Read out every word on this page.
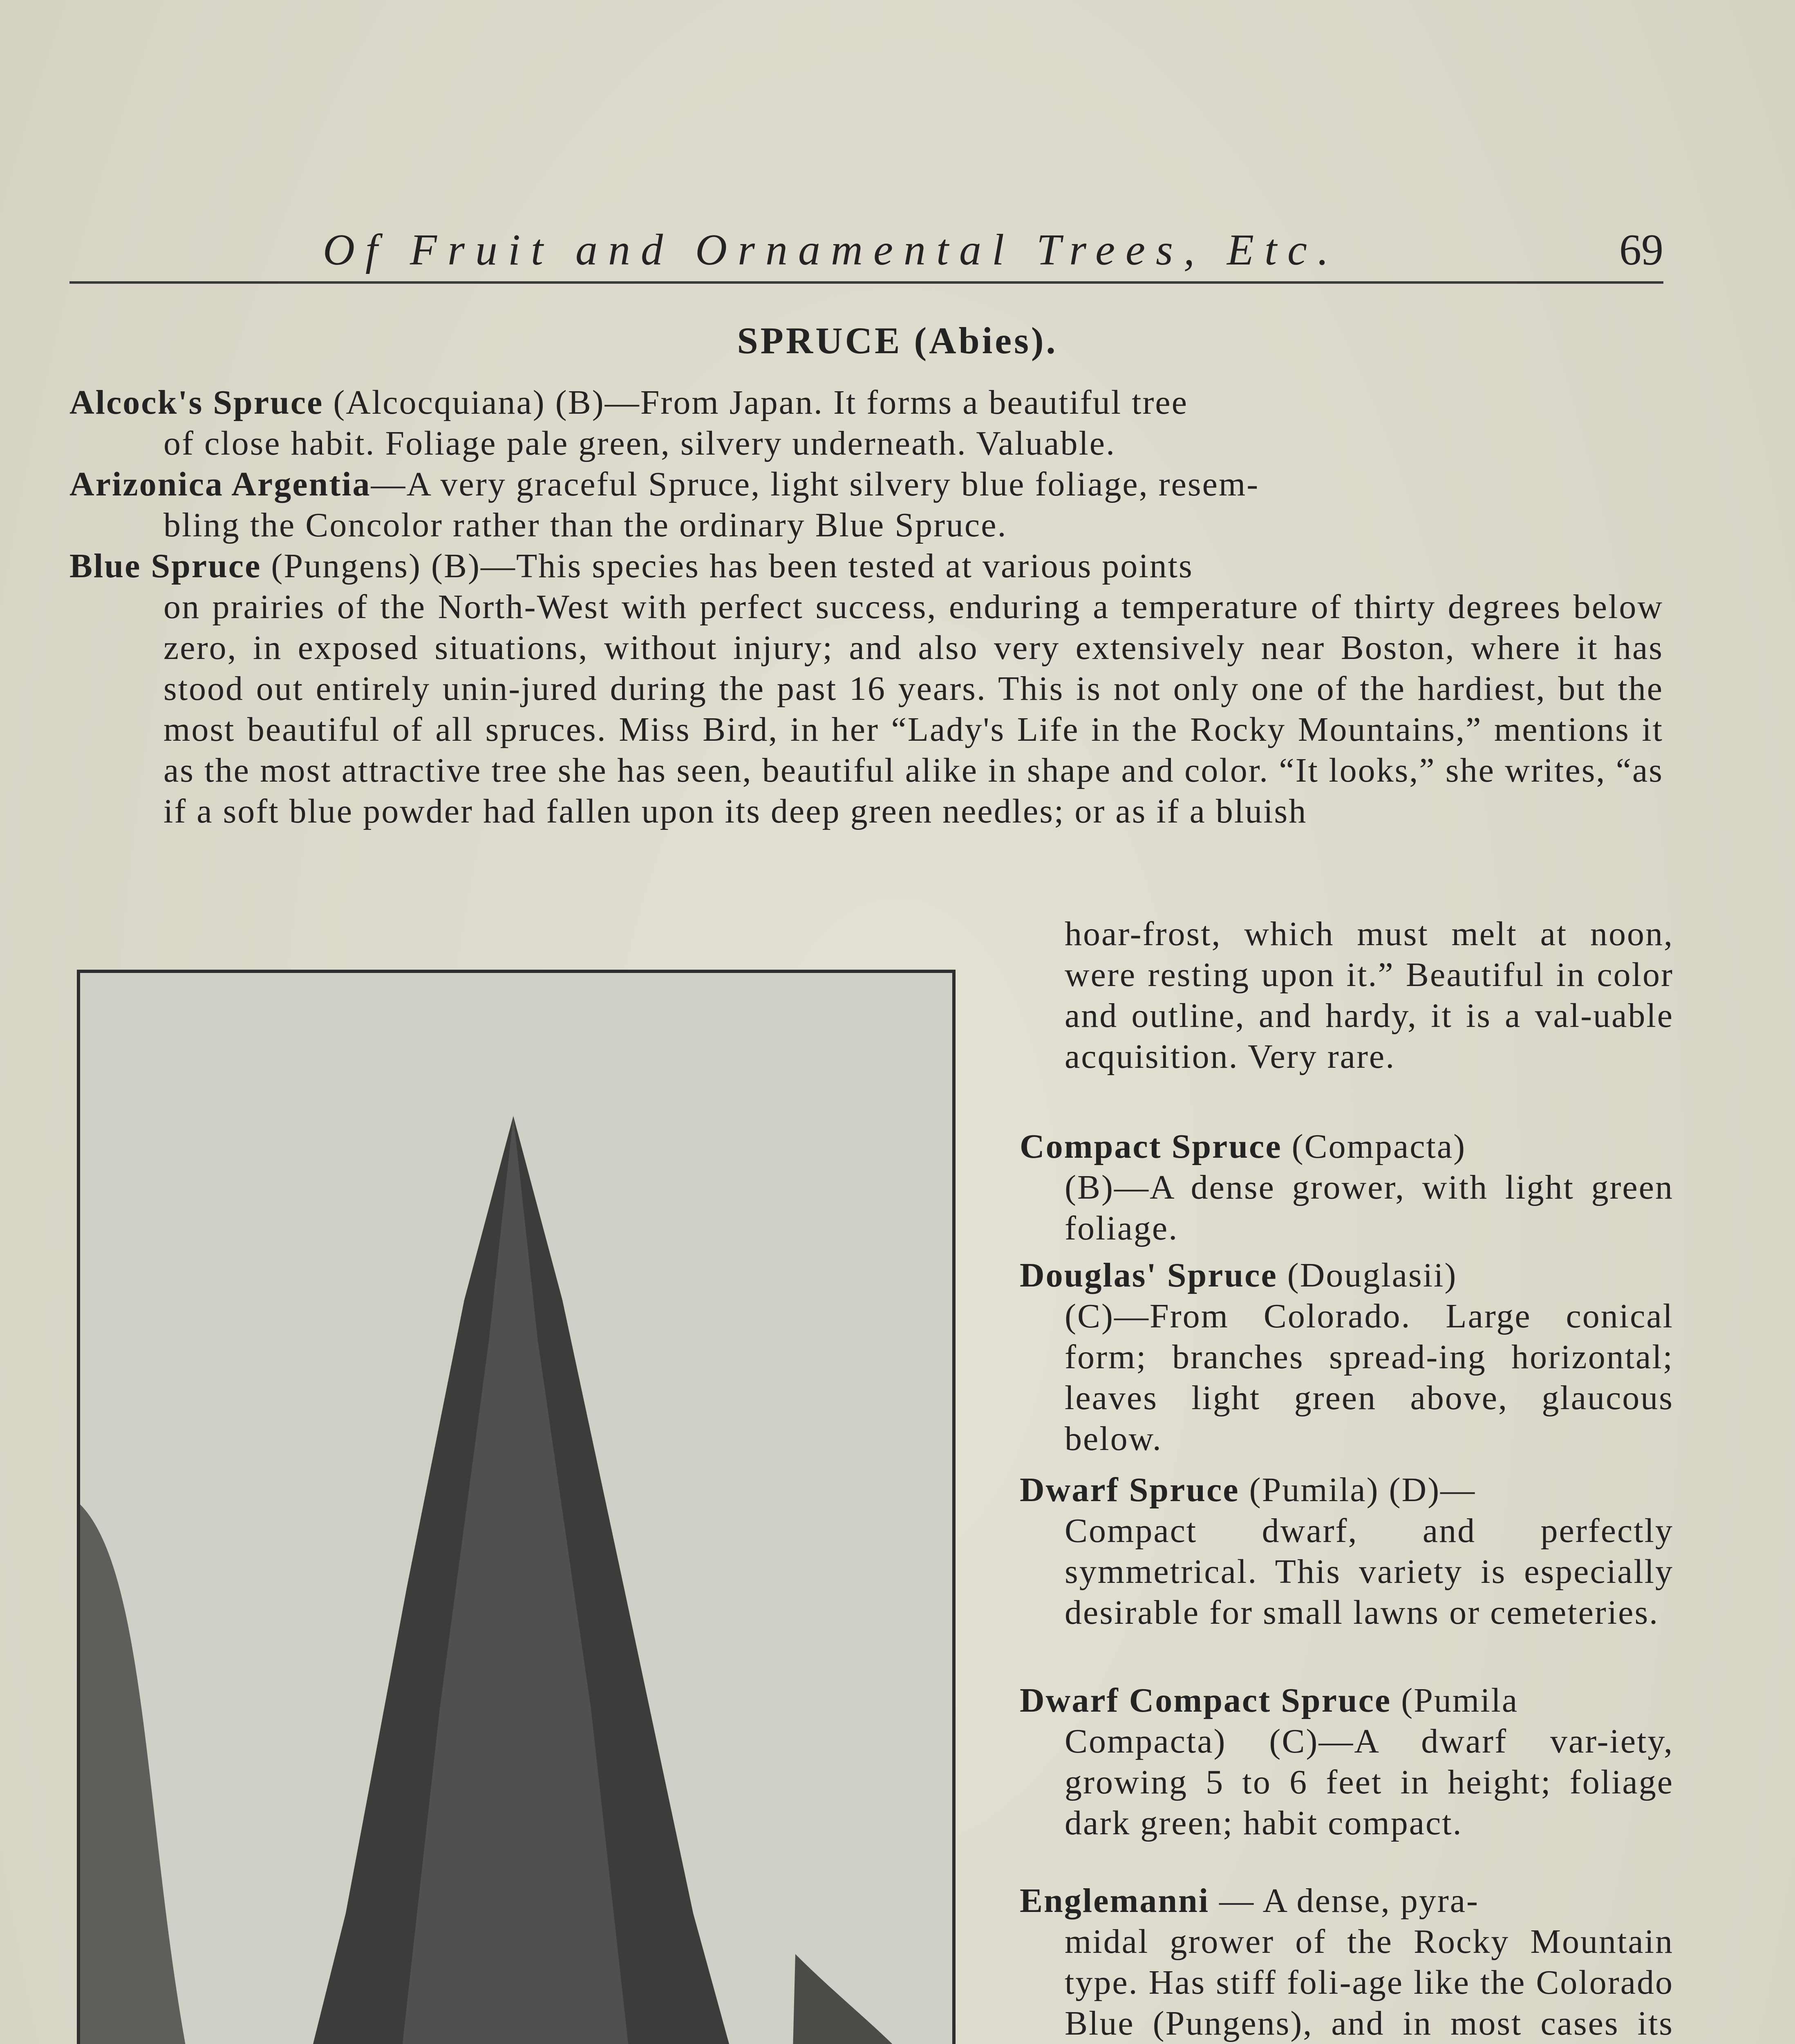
Of Fruit and Ornamental Trees, Etc.	69
SPRUCE (Abies).
Alcock's Spruce (Alcocquiana) (B)—From Japan. It forms a beautiful tree
of close habit. Foliage pale green, silvery underneath. Valuable.
Arizonica Argentia—A very graceful Spruce, light silvery blue foliage, resem-
bling the Concolor rather than the ordinary Blue Spruce.
Blue Spruce (Pungens) (B)—This species has been tested at various points
on prairies of the North-West with perfect success, enduring a temperature of thirty degrees below zero, in exposed situations, without injury; and also very extensively near Boston, where it has stood out entirely unin-jured during the past 16 years. This is not only one of the hardiest, but the most beautiful of all spruces. Miss Bird, in her “Lady's Life in the Rocky Mountains,” mentions it as the most attractive tree she has seen, beautiful alike in shape and color. “It looks,” she writes, “as if a soft blue powder had fallen upon its deep green needles; or as if a bluish
hoar-frost, which must melt at noon, were resting upon it.” Beautiful in color and outline, and hardy, it is a val-uable acquisition. Very rare.
Compact Spruce (Compacta)
(B)—A dense grower, with light green foliage.
Douglas' Spruce (Douglasii)
(C)—From Colorado. Large conical form; branches spread-ing horizontal; leaves light green above, glaucous below.
Dwarf Spruce (Pumila) (D)—
Compact dwarf, and perfectly symmetrical. This variety is especially desirable for small lawns or cemeteries.
Dwarf Compact Spruce (Pumila
Compacta) (C)—A dwarf var-iety, growing 5 to 6 feet in height; foliage dark green; habit compact.
Englemanni — A dense, pyra-
midal grower of the Rocky Mountain type. Has stiff foli-age like the Colorado Blue (Pungens), and in most cases its
